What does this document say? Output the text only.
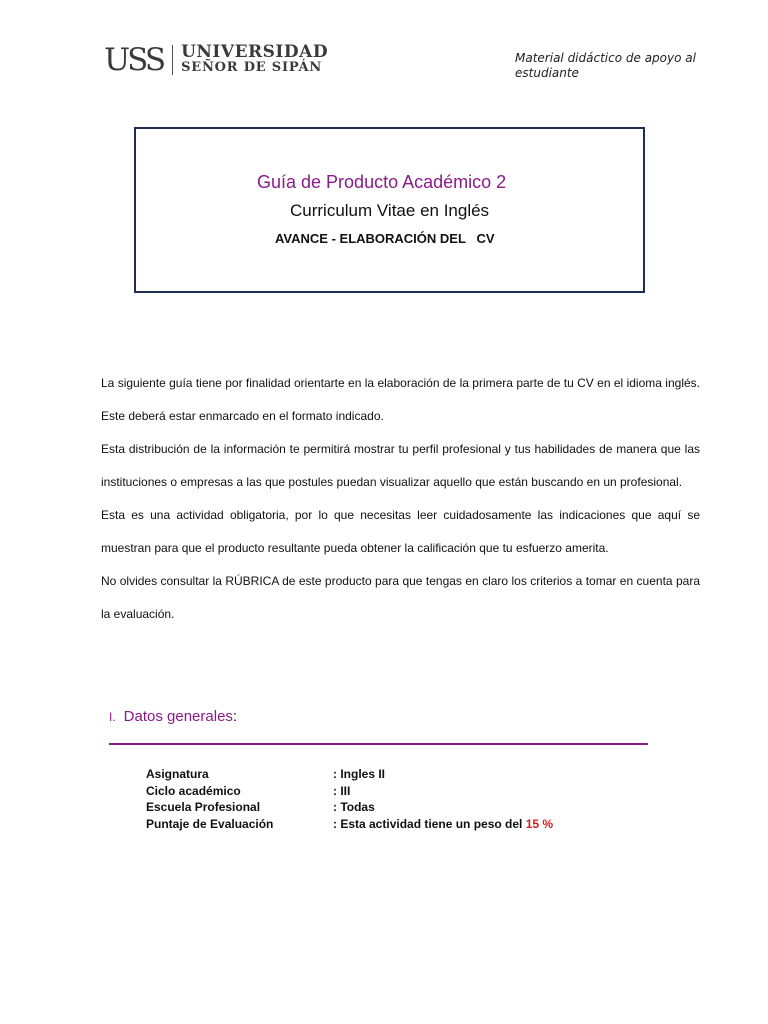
USS UNIVERSIDAD
SEÑOR DE SIPÁN
Material didáctico de apoyo al estudiante
Guía de Producto Académico 2
Curriculum Vitae en Inglés
AVANCE - ELABORACIÓN DEL   CV

La siguiente guía tiene por finalidad orientarte en la elaboración de la primera parte de tu CV en el idioma inglés. Este deberá estar enmarcado en el formato indicado.

Esta distribución de la información te permitirá mostrar tu perfil profesional y tus habilidades de manera que las instituciones o empresas a las que postules puedan visualizar aquello que están buscando en un profesional.

Esta es una actividad obligatoria, por lo que necesitas leer cuidadosamente las indicaciones que aquí se muestran para que el producto resultante pueda obtener la calificación que tu esfuerzo amerita.

No olvides consultar la RÚBRICA de este producto para que tengas en claro los criterios a tomar en cuenta para la evaluación.

I. Datos generales:
Asignatura	: Ingles II
Ciclo académico	: III
Escuela Profesional	: Todas
Puntaje de Evaluación	: Esta actividad tiene un peso del 15 %
